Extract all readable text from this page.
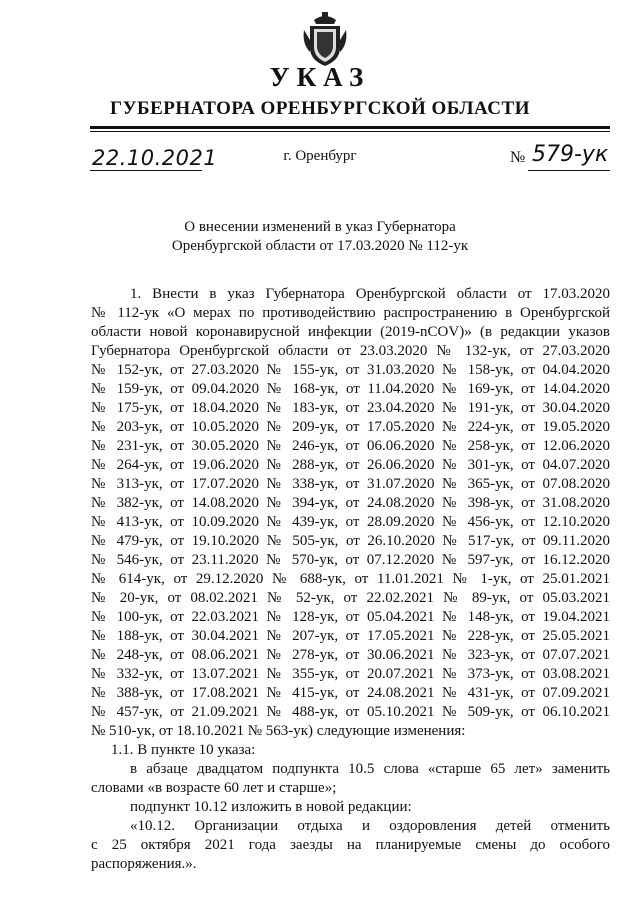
УКАЗ
ГУБЕРНАТОРА ОРЕНБУРГСКОЙ ОБЛАСТИ
22.10.2021	г. Оренбург	№ 579-ук
О внесении изменений в указ Губернатора
Оренбургской области от 17.03.2020 № 112-ук
1. Внести в указ Губернатора Оренбургской области от 17.03.2020
№ 112-ук «О мерах по противодействию распространению в Оренбургской
области новой коронавирусной инфекции (2019-nCOV)» (в редакции указов
Губернатора Оренбургской области от 23.03.2020 № 132-ук, от 27.03.2020
№ 152-ук, от 27.03.2020 № 155-ук, от 31.03.2020 № 158-ук, от 04.04.2020
№ 159-ук, от 09.04.2020 № 168-ук, от 11.04.2020 № 169-ук, от 14.04.2020
№ 175-ук, от 18.04.2020 № 183-ук, от 23.04.2020 № 191-ук, от 30.04.2020
№ 203-ук, от 10.05.2020 № 209-ук, от 17.05.2020 № 224-ук, от 19.05.2020
№ 231-ук, от 30.05.2020 № 246-ук, от 06.06.2020 № 258-ук, от 12.06.2020
№ 264-ук, от 19.06.2020 № 288-ук, от 26.06.2020 № 301-ук, от 04.07.2020
№ 313-ук, от 17.07.2020 № 338-ук, от 31.07.2020 № 365-ук, от 07.08.2020
№ 382-ук, от 14.08.2020 № 394-ук, от 24.08.2020 № 398-ук, от 31.08.2020
№ 413-ук, от 10.09.2020 № 439-ук, от 28.09.2020 № 456-ук, от 12.10.2020
№ 479-ук, от 19.10.2020 № 505-ук, от 26.10.2020 № 517-ук, от 09.11.2020
№ 546-ук, от 23.11.2020 № 570-ук, от 07.12.2020 № 597-ук, от 16.12.2020
№ 614-ук, от 29.12.2020 № 688-ук, от 11.01.2021 № 1-ук, от 25.01.2021
№ 20-ук, от 08.02.2021 № 52-ук, от 22.02.2021 № 89-ук, от 05.03.2021
№ 100-ук, от 22.03.2021 № 128-ук, от 05.04.2021 № 148-ук, от 19.04.2021
№ 188-ук, от 30.04.2021 № 207-ук, от 17.05.2021 № 228-ук, от 25.05.2021
№ 248-ук, от 08.06.2021 № 278-ук, от 30.06.2021 № 323-ук, от 07.07.2021
№ 332-ук, от 13.07.2021 № 355-ук, от 20.07.2021 № 373-ук, от 03.08.2021
№ 388-ук, от 17.08.2021 № 415-ук, от 24.08.2021 № 431-ук, от 07.09.2021
№ 457-ук, от 21.09.2021 № 488-ук, от 05.10.2021 № 509-ук, от 06.10.2021
№ 510-ук, от 18.10.2021 № 563-ук) следующие изменения:
1.1. В пункте 10 указа:
в абзаце двадцатом подпункта 10.5 слова «старше 65 лет» заменить
словами «в возрасте 60 лет и старше»;
подпункт 10.12 изложить в новой редакции:
«10.12. Организации отдыха и оздоровления детей отменить
с 25 октября 2021 года заезды на планируемые смены до особого
распоряжения.».
